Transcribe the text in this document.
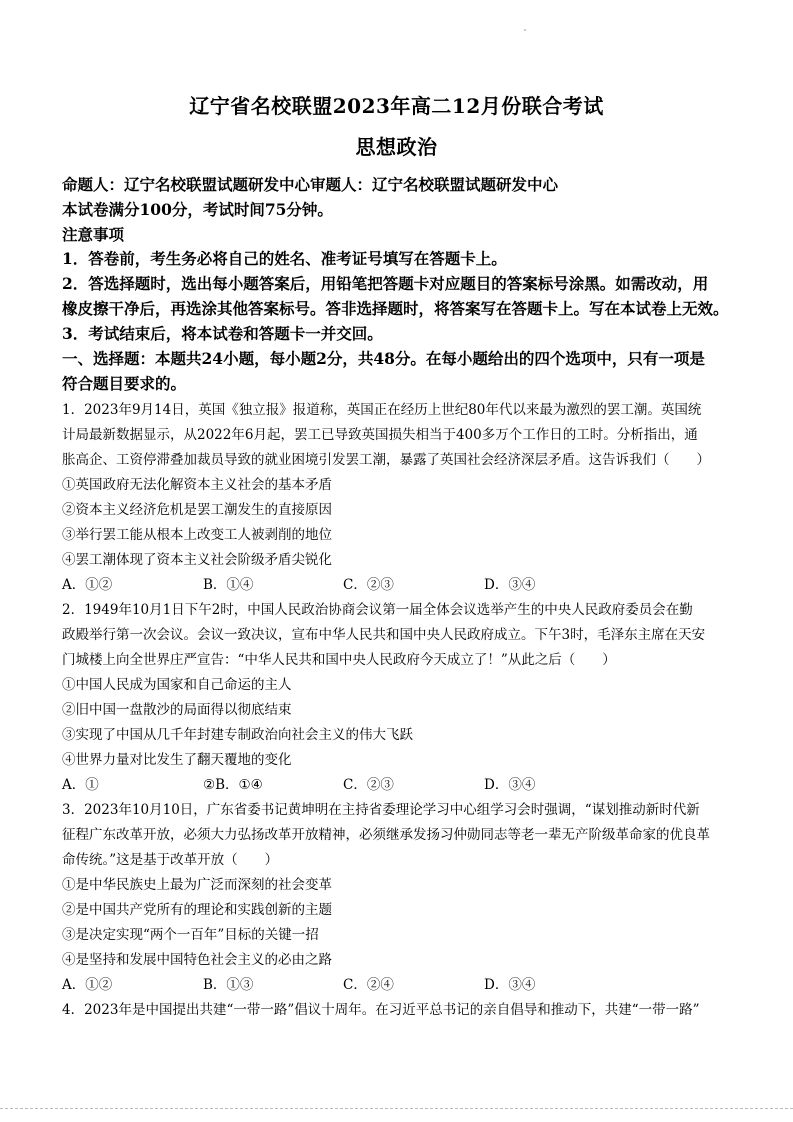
辽宁省名校联盟2023年高二12月份联合考试
思想政治
命题人：辽宁名校联盟试题研发中心审题人：辽宁名校联盟试题研发中心
本试卷满分100分，考试时间75分钟。
注意事项
1．答卷前，考生务必将自己的姓名、准考证号填写在答题卡上。
2．答选择题时，选出每小题答案后，用铅笔把答题卡对应题目的答案标号涂黑。如需改动，用
橡皮擦干净后，再选涂其他答案标号。答非选择题时，将答案写在答题卡上。写在本试卷上无效。
3．考试结束后，将本试卷和答题卡一并交回。
一、选择题：本题共24小题，每小题2分，共48分。在每小题给出的四个选项中，只有一项是
符合题目要求的。
1．2023年9月14日，英国《独立报》报道称，英国正在经历上世纪80年代以来最为激烈的罢工潮。英国统
计局最新数据显示，从2022年6月起，罢工已导致英国损失相当于400多万个工作日的工时。分析指出，通
胀高企、工资停滞叠加裁员导致的就业困境引发罢工潮，暴露了英国社会经济深层矛盾。这告诉我们（　　）
①英国政府无法化解资本主义社会的基本矛盾
②资本主义经济危机是罢工潮发生的直接原因
③举行罢工能从根本上改变工人被剥削的地位
④罢工潮体现了资本主义社会阶级矛盾尖锐化
A．①②	B．①④	C．②③	D．③④
2．1949年10月1日下午2时，中国人民政治协商会议第一届全体会议选举产生的中央人民政府委员会在勤
政殿举行第一次会议。会议一致决议，宣布中华人民共和国中央人民政府成立。下午3时，毛泽东主席在天安
门城楼上向全世界庄严宣告：“中华人民共和国中央人民政府今天成立了！”从此之后（　　）
①中国人民成为国家和自己命运的主人
②旧中国一盘散沙的局面得以彻底结束
③实现了中国从几千年封建专制政治向社会主义的伟大飞跃
④世界力量对比发生了翻天覆地的变化
A．①	②B．①④	C．②③	D．③④
3．2023年10月10日，广东省委书记黄坤明在主持省委理论学习中心组学习会时强调，“谋划推动新时代新
征程广东改革开放，必须大力弘扬改革开放精神，必须继承发扬习仲勋同志等老一辈无产阶级革命家的优良革
命传统。”这是基于改革开放（　　）
①是中华民族史上最为广泛而深刻的社会变革
②是中国共产党所有的理论和实践创新的主题
③是决定实现“两个一百年”目标的关键一招
④是坚持和发展中国特色社会主义的必由之路
A．①②	B．①③	C．②④	D．③④
4．2023年是中国提出共建“一带一路”倡议十周年。在习近平总书记的亲自倡导和推动下，共建“一带一路”
